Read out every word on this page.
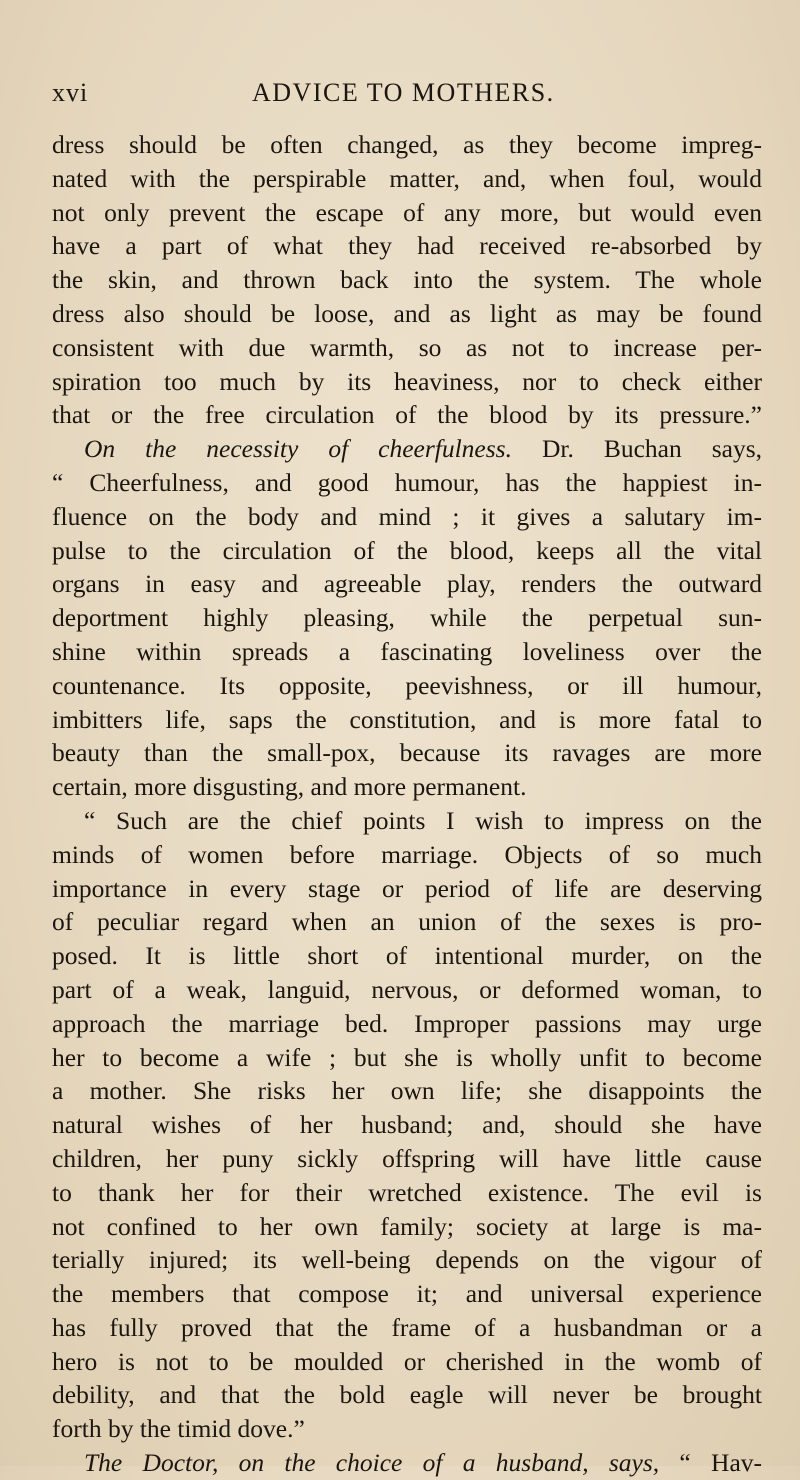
xvi	ADVICE TO MOTHERS.
dress should be often changed, as they become impreg-
nated with the perspirable matter, and, when foul, would
not only prevent the escape of any more, but would even
have a part of what they had received re-absorbed by
the skin, and thrown back into the system. The whole
dress also should be loose, and as light as may be found
consistent with due warmth, so as not to increase per-
spiration too much by its heaviness, nor to check either
that or the free circulation of the blood by its pressure.”
On the necessity of cheerfulness. Dr. Buchan says,
“ Cheerfulness, and good humour, has the happiest in-
fluence on the body and mind ; it gives a salutary im-
pulse to the circulation of the blood, keeps all the vital
organs in easy and agreeable play, renders the outward
deportment highly pleasing, while the perpetual sun-
shine within spreads a fascinating loveliness over the
countenance. Its opposite, peevishness, or ill humour,
imbitters life, saps the constitution, and is more fatal to
beauty than the small-pox, because its ravages are more
certain, more disgusting, and more permanent.
“ Such are the chief points I wish to impress on the
minds of women before marriage. Objects of so much
importance in every stage or period of life are deserving
of peculiar regard when an union of the sexes is pro-
posed. It is little short of intentional murder, on the
part of a weak, languid, nervous, or deformed woman, to
approach the marriage bed. Improper passions may urge
her to become a wife ; but she is wholly unfit to become
a mother. She risks her own life; she disappoints the
natural wishes of her husband; and, should she have
children, her puny sickly offspring will have little cause
to thank her for their wretched existence. The evil is
not confined to her own family; society at large is ma-
terially injured; its well-being depends on the vigour of
the members that compose it; and universal experience
has fully proved that the frame of a husbandman or a
hero is not to be moulded or cherished in the womb of
debility, and that the bold eagle will never be brought
forth by the timid dove.”
The Doctor, on the choice of a husband, says, “ Hav-
